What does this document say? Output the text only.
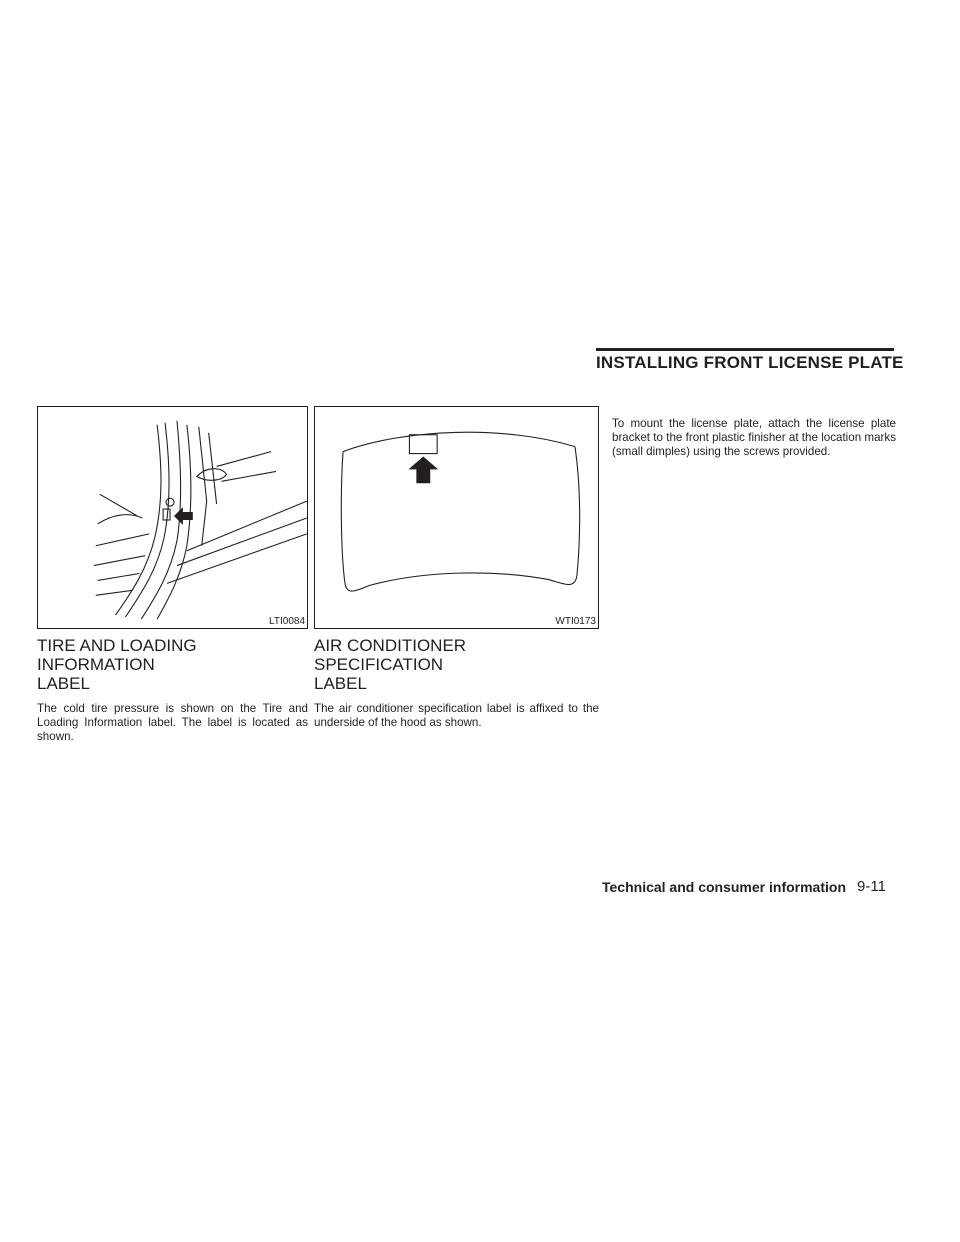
INSTALLING FRONT LICENSE PLATE
LTI0084
TIRE AND LOADING INFORMATION
LABEL

The cold tire pressure is shown on the Tire and Loading Information label. The label is located as shown.

WTI0173
AIR CONDITIONER SPECIFICATION
LABEL

The air conditioner specification label is affixed to the underside of the hood as shown.

To mount the license plate, attach the license plate bracket to the front plastic finisher at the location marks (small dimples) using the screws provided.

Technical and consumer information 9-11
